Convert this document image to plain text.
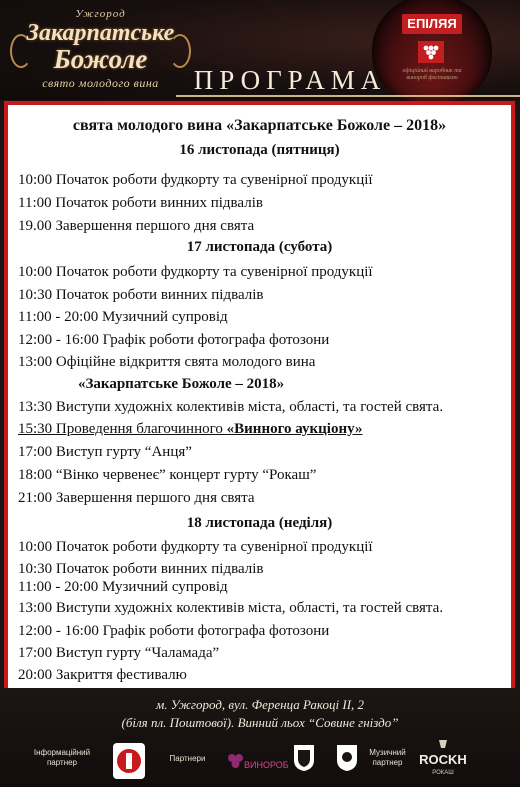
Ужгород
Закарпатське
Божоле
свято молодого вина
ЕПІЛЯЯ
офіційний виробник та винороб фестивалю
ПРОГРАМА
свята молодого вина «Закарпатське Божоле – 2018»
16 листопада (пятниця)
10:00 Початок роботи фудкорту та сувенірної продукції
11:00 Початок роботи винних підвалів
19.00 Завершення першого дня свята
17 листопада (субота)
10:00 Початок роботи фудкорту та сувенірної продукції
10:30 Початок роботи винних підвалів
11:00 - 20:00 Музичний супровід
12:00 - 16:00 Графік роботи фотографа фотозони
13:00 Офіційне відкриття свята молодого вина
«Закарпатське Божоле – 2018»
13:30 Виступи художніх колективів міста, області, та гостей свята.
15:30 Проведення благочинного «Винного аукціону»
17:00 Виступ гурту “Анця”
18:00 “Вінко червенеє” концерт гурту “Рокаш”
21:00 Завершення першого дня свята
18 листопада (неділя)
10:00 Початок роботи фудкорту та сувенірної продукції
10:30 Початок роботи винних підвалів
11:00 - 20:00 Музичний супровід
13:00 Виступи художніх колективів міста, області, та гостей свята.
12:00 - 16:00 Графік роботи фотографа фотозони
17:00 Виступ гурту “Чаламада”
20:00 Закриття фестивалю
м. Ужгород, вул. Ференца Ракоці ІІ, 2
(біля пл. Поштової). Винний льох “Совине гніздо”
Інформаційний партнер	Партнери
ВИНОРОБ
Музичний партнер	ROCKH
РОКАШ
